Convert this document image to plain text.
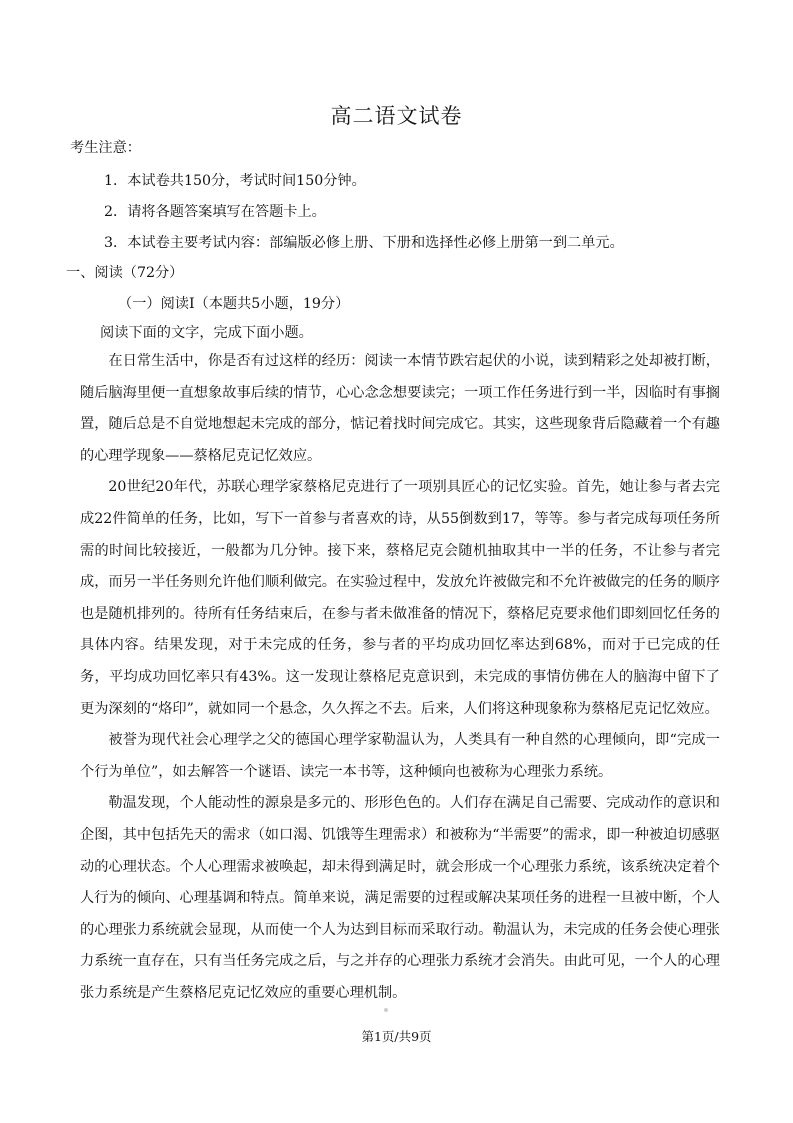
高二语文试卷
考生注意：
1．本试卷共150分，考试时间150分钟。
2．请将各题答案填写在答题卡上。
3．本试卷主要考试内容：部编版必修上册、下册和选择性必修上册第一到二单元。
一、阅读（72分）
（一）阅读Ⅰ（本题共5小题，19分）
阅读下面的文字，完成下面小题。

在日常生活中，你是否有过这样的经历：阅读一本情节跌宕起伏的小说，读到精彩之处却被打断，随后脑海里便一直想象故事后续的情节，心心念念想要读完；一项工作任务进行到一半，因临时有事搁置，随后总是不自觉地想起未完成的部分，惦记着找时间完成它。其实，这些现象背后隐藏着一个有趣的心理学现象——蔡格尼克记忆效应。

20世纪20年代，苏联心理学家蔡格尼克进行了一项别具匠心的记忆实验。首先，她让参与者去完成22件简单的任务，比如，写下一首参与者喜欢的诗，从55倒数到17，等等。参与者完成每项任务所需的时间比较接近，一般都为几分钟。接下来，蔡格尼克会随机抽取其中一半的任务，不让参与者完成，而另一半任务则允许他们顺利做完。在实验过程中，发放允许被做完和不允许被做完的任务的顺序也是随机排列的。待所有任务结束后，在参与者未做准备的情况下，蔡格尼克要求他们即刻回忆任务的具体内容。结果发现，对于未完成的任务，参与者的平均成功回忆率达到68%，而对于已完成的任务，平均成功回忆率只有43%。这一发现让蔡格尼克意识到，未完成的事情仿佛在人的脑海中留下了更为深刻的“烙印”，就如同一个悬念，久久挥之不去。后来，人们将这种现象称为蔡格尼克记忆效应。

被誉为现代社会心理学之父的德国心理学家勒温认为，人类具有一种自然的心理倾向，即“完成一个行为单位”，如去解答一个谜语、读完一本书等，这种倾向也被称为心理张力系统。

勒温发现，个人能动性的源泉是多元的、形形色色的。人们存在满足自己需要、完成动作的意识和企图，其中包括先天的需求（如口渴、饥饿等生理需求）和被称为“半需要”的需求，即一种被迫切感驱动的心理状态。个人心理需求被唤起，却未得到满足时，就会形成一个心理张力系统，该系统决定着个人行为的倾向、心理基调和特点。简单来说，满足需要的过程或解决某项任务的进程一旦被中断，个人的心理张力系统就会显现，从而使一个人为达到目标而采取行动。勒温认为，未完成的任务会使心理张力系统一直存在，只有当任务完成之后，与之并存的心理张力系统才会消失。由此可见，一个人的心理张力系统是产生蔡格尼克记忆效应的重要心理机制。

第1页/共9页
